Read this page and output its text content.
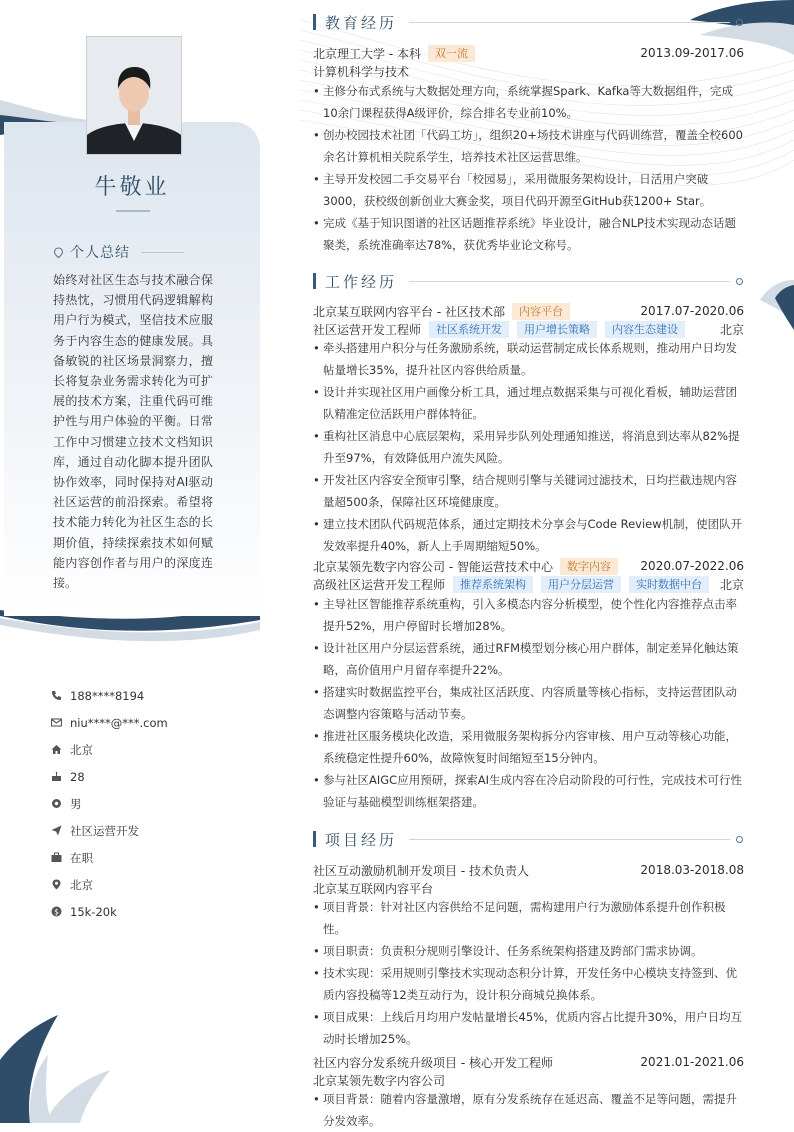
牛敬业
个人总结
始终对社区生态与技术融合保持热忱，习惯用代码逻辑解构用户行为模式，坚信技术应服务于内容生态的健康发展。具备敏锐的社区场景洞察力，擅长将复杂业务需求转化为可扩展的技术方案，注重代码可维护性与用户体验的平衡。日常工作中习惯建立技术文档知识库，通过自动化脚本提升团队协作效率，同时保持对AI驱动社区运营的前沿探索。希望将技术能力转化为社区生态的长期价值，持续探索技术如何赋能内容创作者与用户的深度连接。
188****8194
niu****@***.com
北京
28
男
社区运营开发
在职
北京
$ 15k-20k
教育经历
北京理工大学 - 本科	双一流	2013.09-2017.06
计算机科学与技术
• 主修分布式系统与大数据处理方向，系统掌握Spark、Kafka等大数据组件，完成10余门课程获得A级评价，综合排名专业前10%。
• 创办校园技术社团「代码工坊」，组织20+场技术讲座与代码训练营，覆盖全校600余名计算机相关院系学生，培养技术社区运营思维。
• 主导开发校园二手交易平台「校园易」，采用微服务架构设计，日活用户突破3000，获校级创新创业大赛金奖，项目代码开源至GitHub获1200+ Star。
• 完成《基于知识图谱的社区话题推荐系统》毕业设计，融合NLP技术实现动态话题聚类，系统准确率达78%，获优秀毕业论文称号。
工作经历
北京某互联网内容平台 - 社区技术部	内容平台	2017.07-2020.06
社区运营开发工程师	社区系统开发	用户增长策略	内容生态建设	北京
• 牵头搭建用户积分与任务激励系统，联动运营制定成长体系规则，推动用户日均发帖量增长35%，提升社区内容供给质量。
• 设计并实现社区用户画像分析工具，通过埋点数据采集与可视化看板，辅助运营团队精准定位活跃用户群体特征。
• 重构社区消息中心底层架构，采用异步队列处理通知推送，将消息到达率从82%提升至97%，有效降低用户流失风险。
• 开发社区内容安全预审引擎，结合规则引擎与关键词过滤技术，日均拦截违规内容量超500条，保障社区环境健康度。
• 建立技术团队代码规范体系，通过定期技术分享会与Code Review机制，使团队开发效率提升40%，新人上手周期缩短50%。
北京某领先数字内容公司 - 智能运营技术中心	数字内容	2020.07-2022.06
高级社区运营开发工程师	推荐系统架构	用户分层运营	实时数据中台	北京
• 主导社区智能推荐系统重构，引入多模态内容分析模型，使个性化内容推荐点击率提升52%，用户停留时长增加28%。
• 设计社区用户分层运营系统，通过RFM模型划分核心用户群体，制定差异化触达策略，高价值用户月留存率提升22%。
• 搭建实时数据监控平台，集成社区活跃度、内容质量等核心指标，支持运营团队动态调整内容策略与活动节奏。
• 推进社区服务模块化改造，采用微服务架构拆分内容审核、用户互动等核心功能，系统稳定性提升60%，故障恢复时间缩短至15分钟内。
• 参与社区AIGC应用预研，探索AI生成内容在冷启动阶段的可行性，完成技术可行性验证与基础模型训练框架搭建。
项目经历
社区互动激励机制开发项目 - 技术负责人	2018.03-2018.08
北京某互联网内容平台
• 项目背景：针对社区内容供给不足问题，需构建用户行为激励体系提升创作积极性。
• 项目职责：负责积分规则引擎设计、任务系统架构搭建及跨部门需求协调。
• 技术实现：采用规则引擎技术实现动态积分计算，开发任务中心模块支持签到、优质内容投稿等12类互动行为，设计积分商城兑换体系。
• 项目成果：上线后月均用户发帖量增长45%，优质内容占比提升30%，用户日均互动时长增加25%。
社区内容分发系统升级项目 - 核心开发工程师	2021.01-2021.06
北京某领先数字内容公司
• 项目背景：随着内容量激增，原有分发系统存在延迟高、覆盖不足等问题，需提升分发效率。
